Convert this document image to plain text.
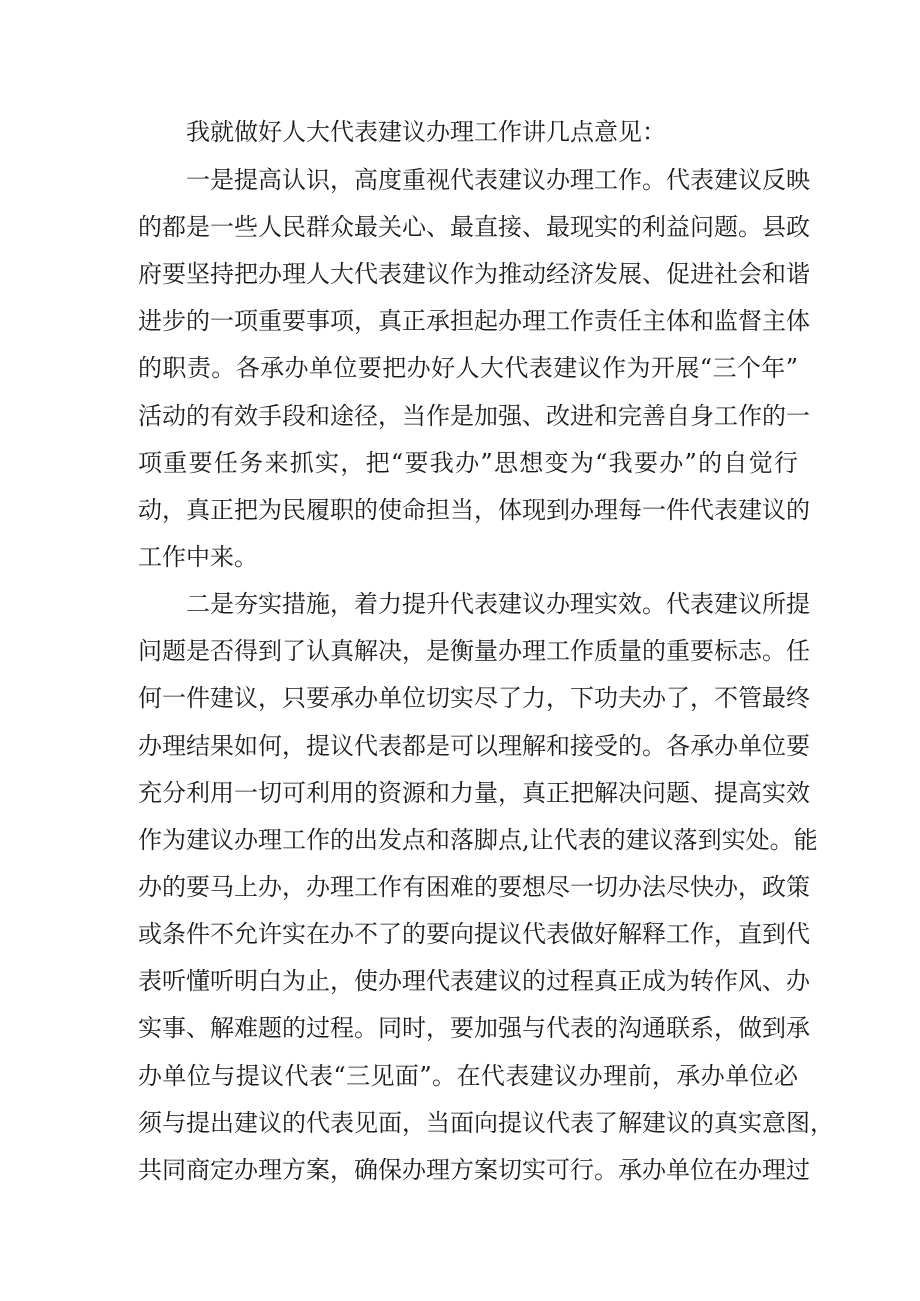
我就做好人大代表建议办理工作讲几点意见：
一是提高认识，高度重视代表建议办理工作。代表建议反映
的都是一些人民群众最关心、最直接、最现实的利益问题。县政
府要坚持把办理人大代表建议作为推动经济发展、促进社会和谐
进步的一项重要事项，真正承担起办理工作责任主体和监督主体
的职责。各承办单位要把办好人大代表建议作为开展“三个年”
活动的有效手段和途径，当作是加强、改进和完善自身工作的一
项重要任务来抓实，把“要我办”思想变为“我要办”的自觉行
动，真正把为民履职的使命担当，体现到办理每一件代表建议的
工作中来。
二是夯实措施，着力提升代表建议办理实效。代表建议所提
问题是否得到了认真解决，是衡量办理工作质量的重要标志。任
何一件建议，只要承办单位切实尽了力，下功夫办了，不管最终
办理结果如何，提议代表都是可以理解和接受的。各承办单位要
充分利用一切可利用的资源和力量，真正把解决问题、提高实效
作为建议办理工作的出发点和落脚点,让代表的建议落到实处。能
办的要马上办，办理工作有困难的要想尽一切办法尽快办，政策
或条件不允许实在办不了的要向提议代表做好解释工作，直到代
表听懂听明白为止，使办理代表建议的过程真正成为转作风、办
实事、解难题的过程。同时，要加强与代表的沟通联系，做到承
办单位与提议代表“三见面”。在代表建议办理前，承办单位必
须与提出建议的代表见面，当面向提议代表了解建议的真实意图，
共同商定办理方案，确保办理方案切实可行。承办单位在办理过
